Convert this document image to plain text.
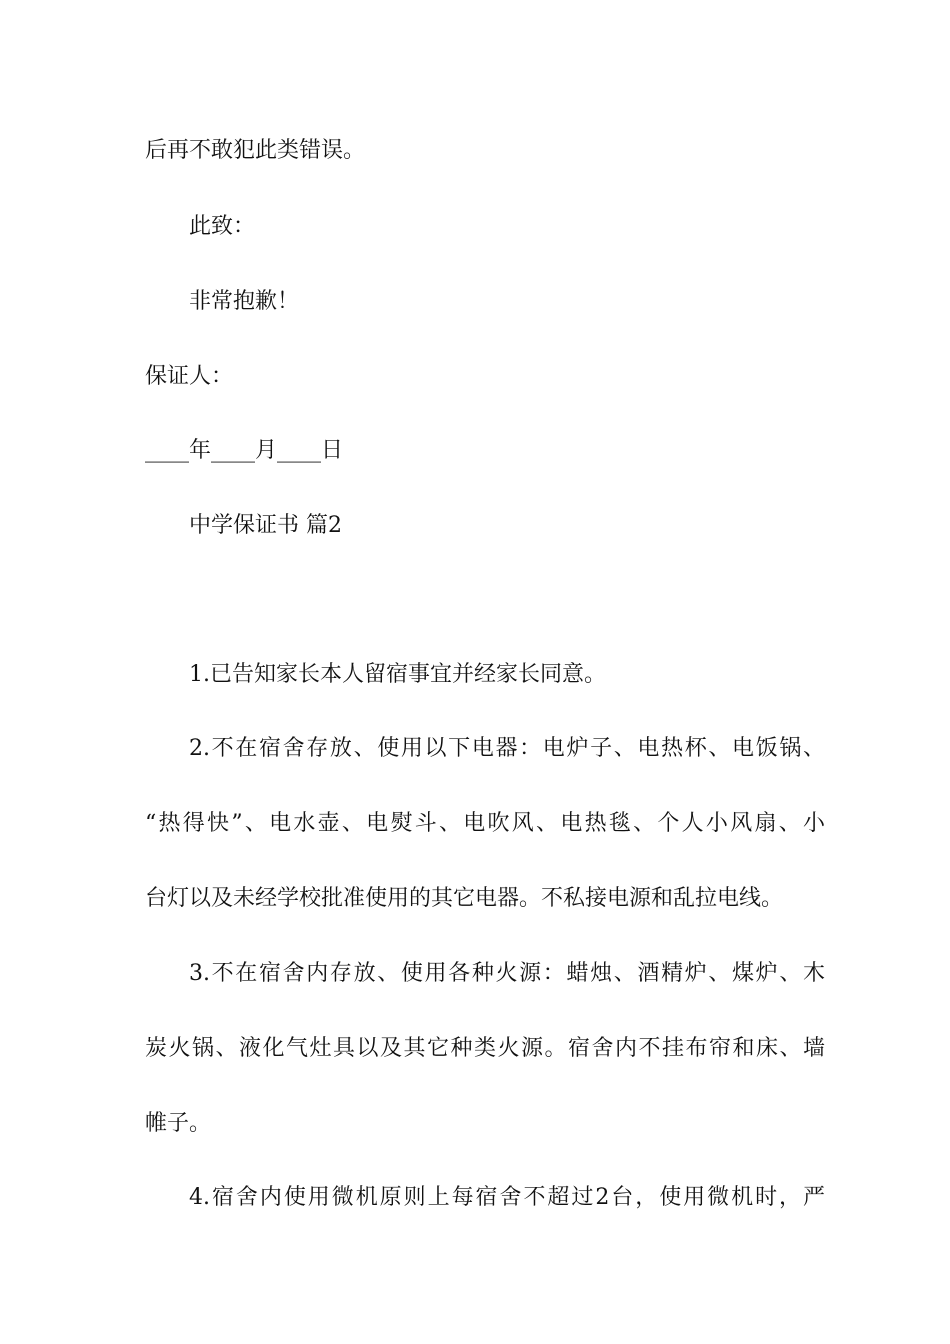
后再不敢犯此类错误。
此致：
非常抱歉！
保证人：
____年____月____日
中学保证书 篇2
1.已告知家长本人留宿事宜并经家长同意。
2.不在宿舍存放、使用以下电器：电炉子、电热杯、电饭锅、
“热得快”、电水壶、电熨斗、电吹风、电热毯、个人小风扇、小
台灯以及未经学校批准使用的其它电器。不私接电源和乱拉电线。
3.不在宿舍内存放、使用各种火源：蜡烛、酒精炉、煤炉、木
炭火锅、液化气灶具以及其它种类火源。宿舍内不挂布帘和床、墙
帷子。
4.宿舍内使用微机原则上每宿舍不超过2台，使用微机时，严
